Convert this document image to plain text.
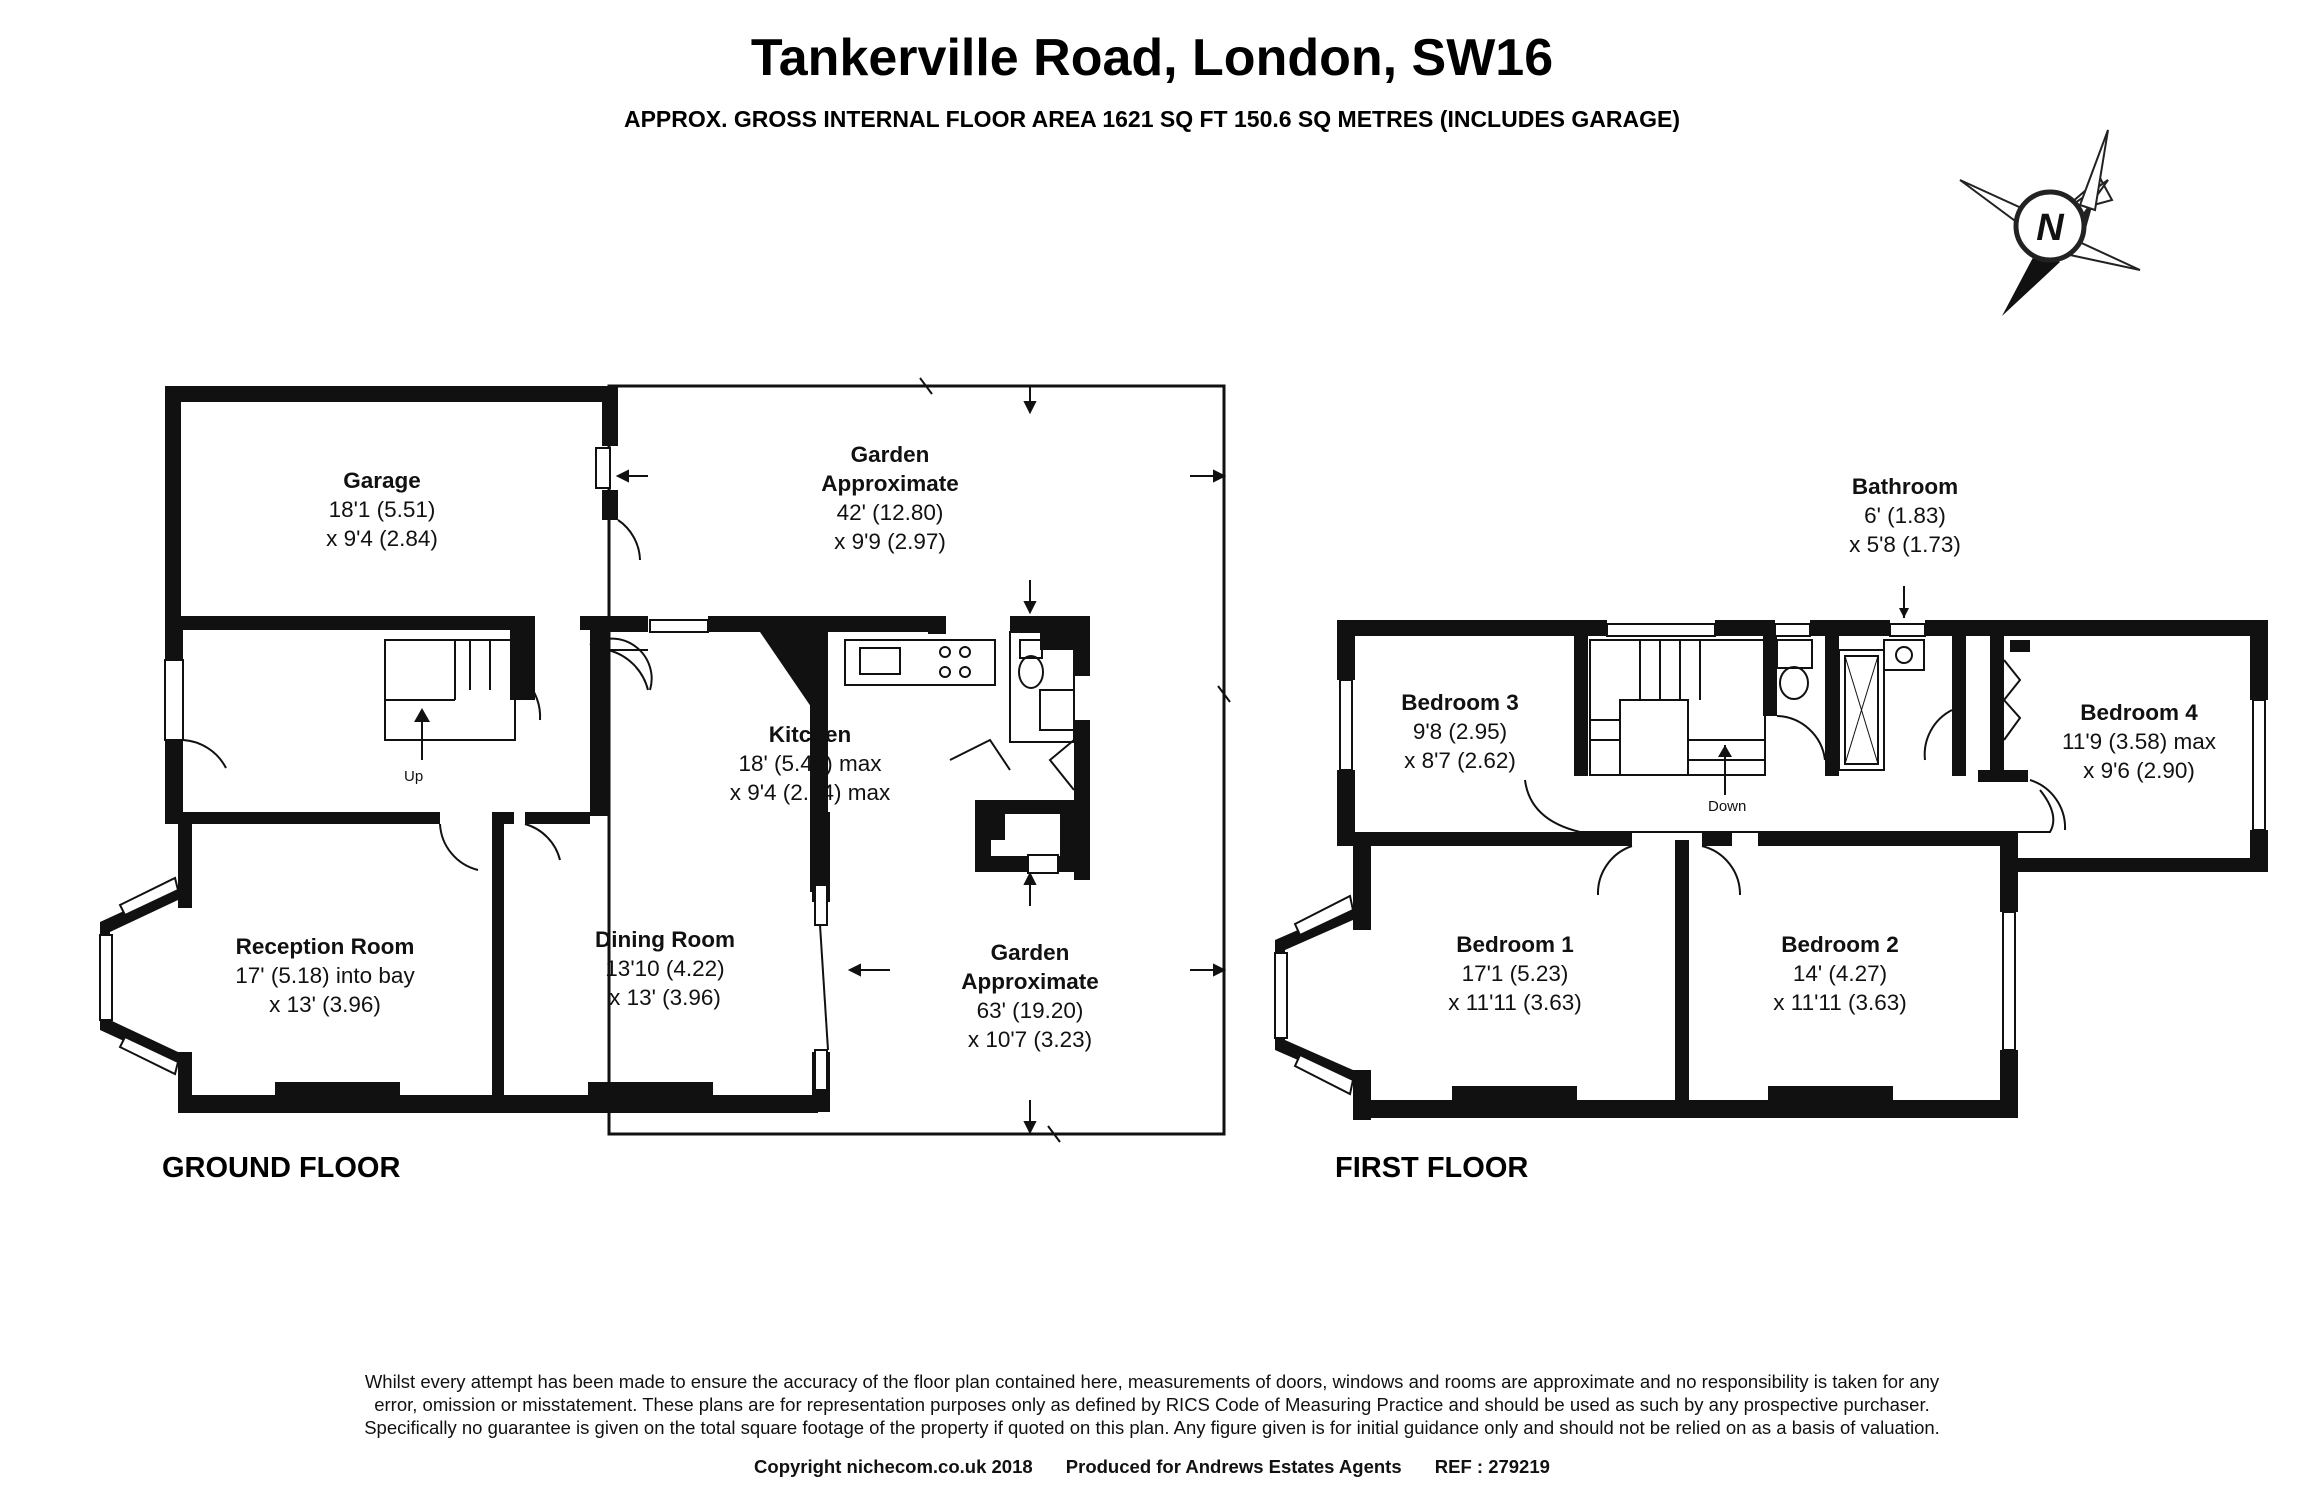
Tankerville Road, London, SW16
APPROX. GROSS INTERNAL FLOOR AREA 1621 SQ FT 150.6 SQ METRES (INCLUDES GARAGE)
N
Garage
18'1 (5.51)
x 9'4 (2.84)
Garden
Approximate
42' (12.80)
x 9'9 (2.97)
Kitchen
18' (5.49) max
x 9'4 (2.84) max
Reception Room
17' (5.18) into bay
x 13' (3.96)
Dining Room
13'10 (4.22)
x 13' (3.96)
Garden
Approximate
63' (19.20)
x 10'7 (3.23)
Up
GROUND FLOOR
Bathroom
6' (1.83)
x 5'8 (1.73)
Bedroom 3
9'8 (2.95)
x 8'7 (2.62)
Bedroom 4
11'9 (3.58) max
x 9'6 (2.90)
Bedroom 1
17'1 (5.23)
x 11'11 (3.63)
Bedroom 2
14' (4.27)
x 11'11 (3.63)
Down
FIRST FLOOR
Whilst every attempt has been made to ensure the accuracy of the floor plan contained here, measurements of doors, windows and rooms are approximate and no responsibility is taken for any
error, omission or misstatement. These plans are for representation purposes only as defined by RICS Code of Measuring Practice and should be used as such by any prospective purchaser.
Specifically no guarantee is given on the total square footage of the property if quoted on this plan. Any figure given is for initial guidance only and should not be relied on as a basis of valuation.
Copyright nichecom.co.uk 2018 Produced for Andrews Estates Agents REF : 279219
